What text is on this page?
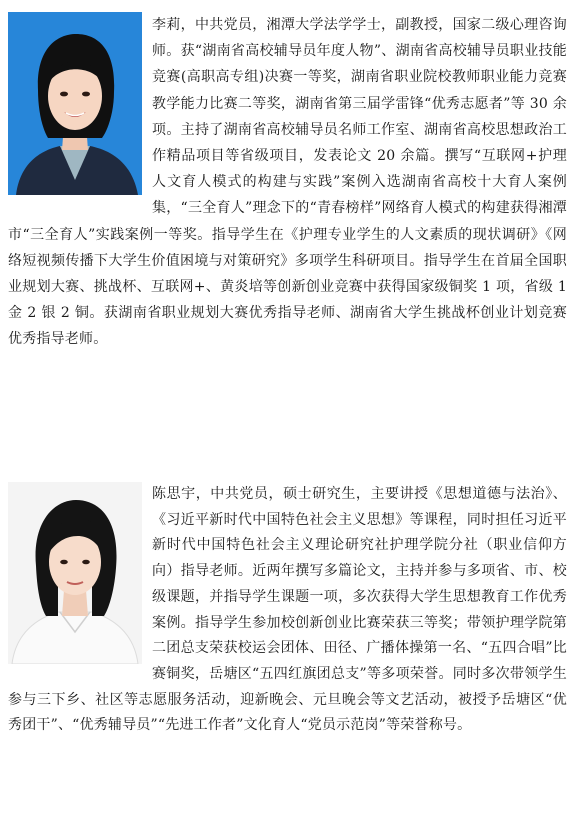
李莉，中共党员，湘潭大学法学学士，副教授，国家二级心理咨询师。获“湖南省高校辅导员年度人物”、湖南省高校辅导员职业技能竞赛(高职高专组)决赛一等奖，湖南省职业院校教师职业能力竞赛教学能力比赛二等奖，湖南省第三届学雷锋“优秀志愿者”等 30 余项。主持了湖南省高校辅导员名师工作室、湖南省高校思想政治工作精品项目等省级项目，发表论文 20 余篇。撰写“互联网+护理人文育人模式的构建与实践”案例入选湖南省高校十大育人案例集，“三全育人”理念下的“青春榜样”网络育人模式的构建获得湘潭市“三全育人”实践案例一等奖。指导学生在《护理专业学生的人文素质的现状调研》《网络短视频传播下大学生价值困境与对策研究》多项学生科研项目。指导学生在首届全国职业规划大赛、挑战杯、互联网+、黄炎培等创新创业竞赛中获得国家级铜奖 1 项，省级 1 金 2 银 2 铜。获湖南省职业规划大赛优秀指导老师、湖南省大学生挑战杯创业计划竞赛优秀指导老师。

陈思宇，中共党员，硕士研究生，主要讲授《思想道德与法治》、《习近平新时代中国特色社会主义思想》等课程，同时担任习近平新时代中国特色社会主义理论研究社护理学院分社（职业信仰方向）指导老师。近两年撰写多篇论文，主持并参与多项省、市、校级课题，并指导学生课题一项，多次获得大学生思想教育工作优秀案例。指导学生参加校创新创业比赛荣获三等奖；带领护理学院第二团总支荣获校运会团体、田径、广播体操第一名、“五四合唱”比赛铜奖，岳塘区“五四红旗团总支”等多项荣誉。同时多次带领学生参与三下乡、社区等志愿服务活动，迎新晚会、元旦晚会等文艺活动，被授予岳塘区“优秀团干”、“优秀辅导员”“先进工作者”文化育人“党员示范岗”等荣誉称号。
